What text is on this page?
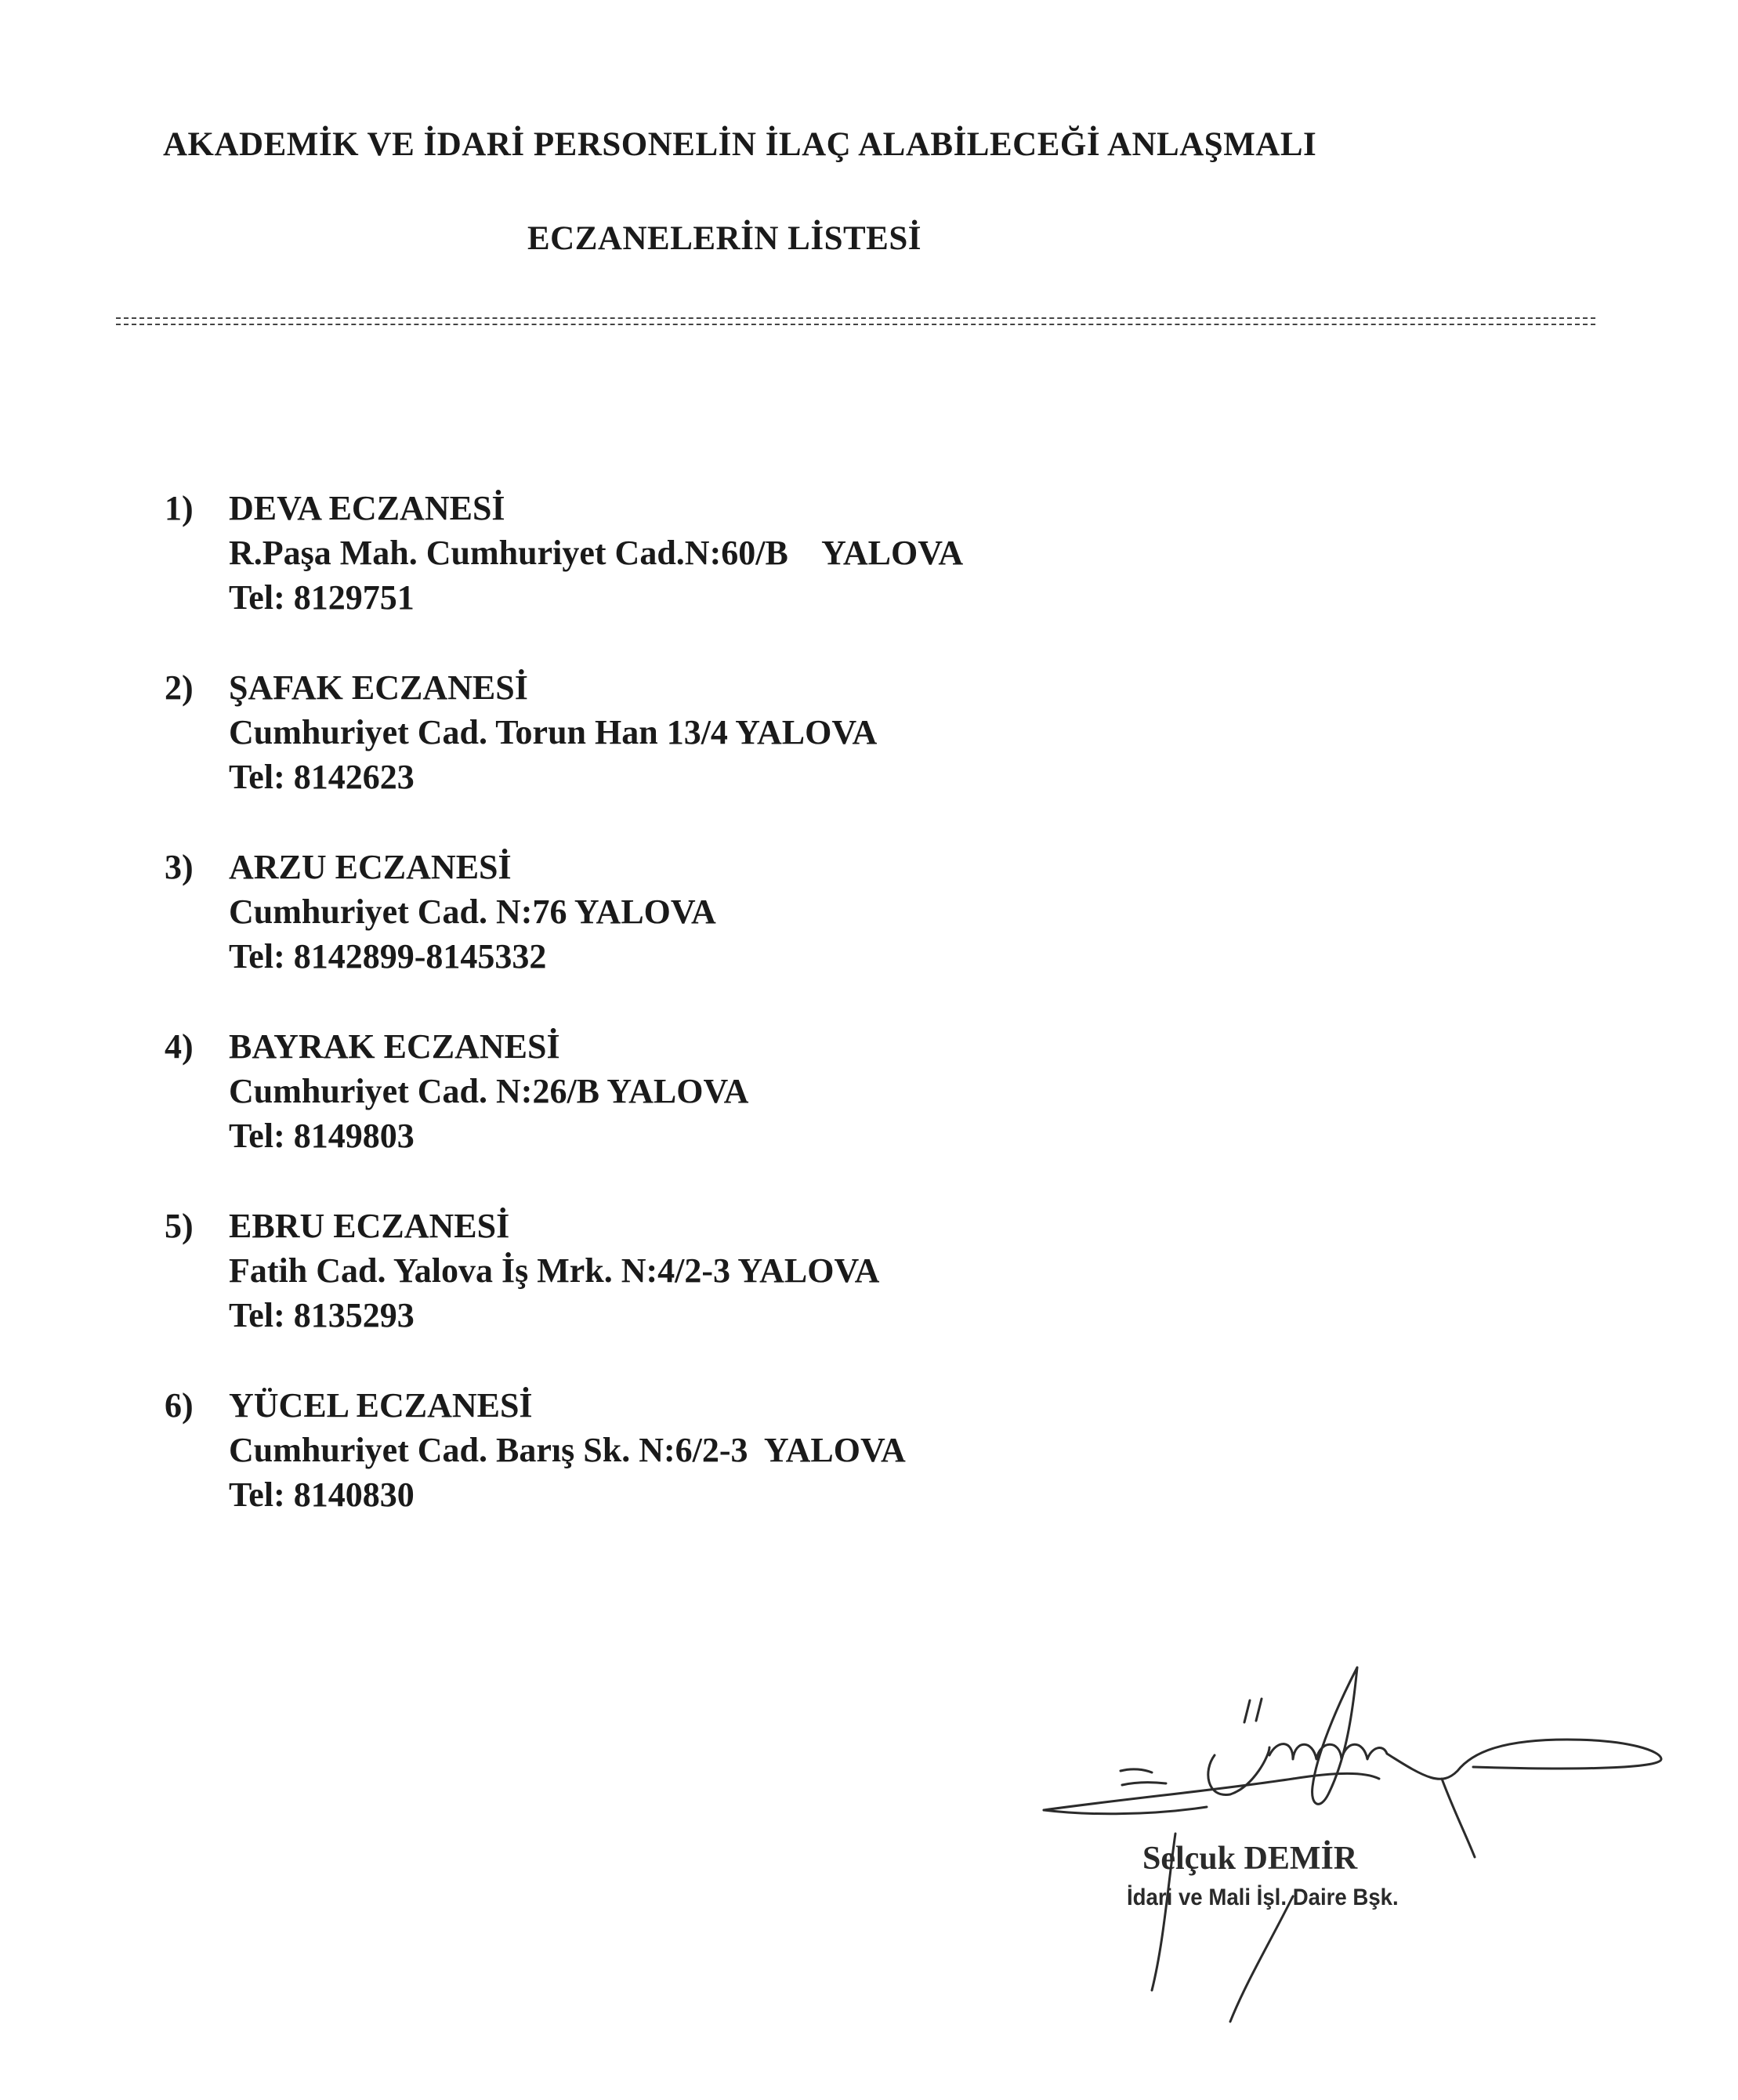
AKADEMİK VE İDARİ PERSONELİN İLAÇ ALABİLECEĞİ ANLAŞMALI
ECZANELERİN LİSTESİ
1) DEVA ECZANESİ
R.Paşa Mah. Cumhuriyet Cad.N:60/B    YALOVA
Tel: 8129751
2) ŞAFAK ECZANESİ
Cumhuriyet Cad. Torun Han 13/4 YALOVA
Tel: 8142623
3) ARZU ECZANESİ
Cumhuriyet Cad. N:76 YALOVA
Tel: 8142899-8145332
4) BAYRAK ECZANESİ
Cumhuriyet Cad. N:26/B YALOVA
Tel: 8149803
5) EBRU ECZANESİ
Fatih Cad. Yalova İş Mrk. N:4/2-3 YALOVA
Tel: 8135293
6) YÜCEL ECZANESİ
Cumhuriyet Cad. Barış Sk. N:6/2-3  YALOVA
Tel: 8140830
Selçuk DEMİR
İdari ve Mali İşl. Daire Bşk.
